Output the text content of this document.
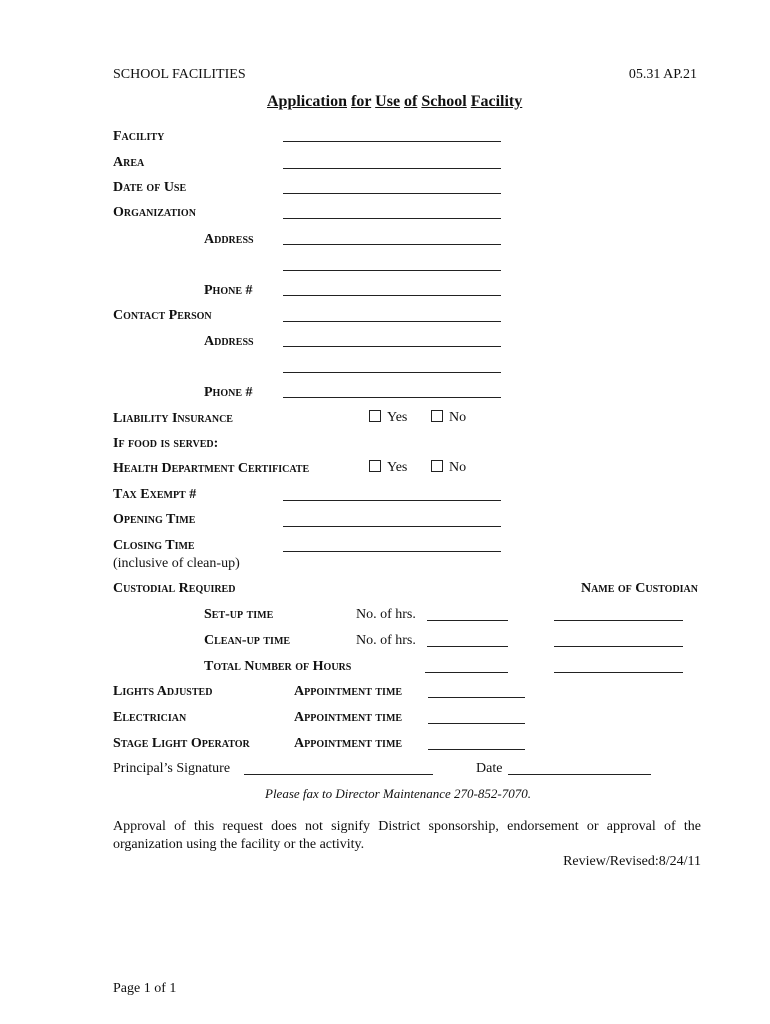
SCHOOL FACILITIES	05.31 AP.21
Application for Use of School Facility
Facility
Area
Date of Use
Organization
Address
Phone #
Contact Person
Address
Phone #
Liability Insurance	Yes	No
If food is served:
Health Department Certificate	Yes	No
Tax Exempt #
Opening Time
Closing Time
(inclusive of clean-up)
Custodial Required	Name of Custodian
Set-up time	No. of hrs.
Clean-up time	No. of hrs.
Total Number of Hours
Lights Adjusted	Appointment time
Electrician	Appointment time
Stage Light Operator	Appointment time
Principal’s Signature	Date
Please fax to Director Maintenance 270-852-7070.
Approval of this request does not signify District sponsorship, endorsement or approval of the organization using the facility or the activity.
Review/Revised:8/24/11
Page 1 of 1
